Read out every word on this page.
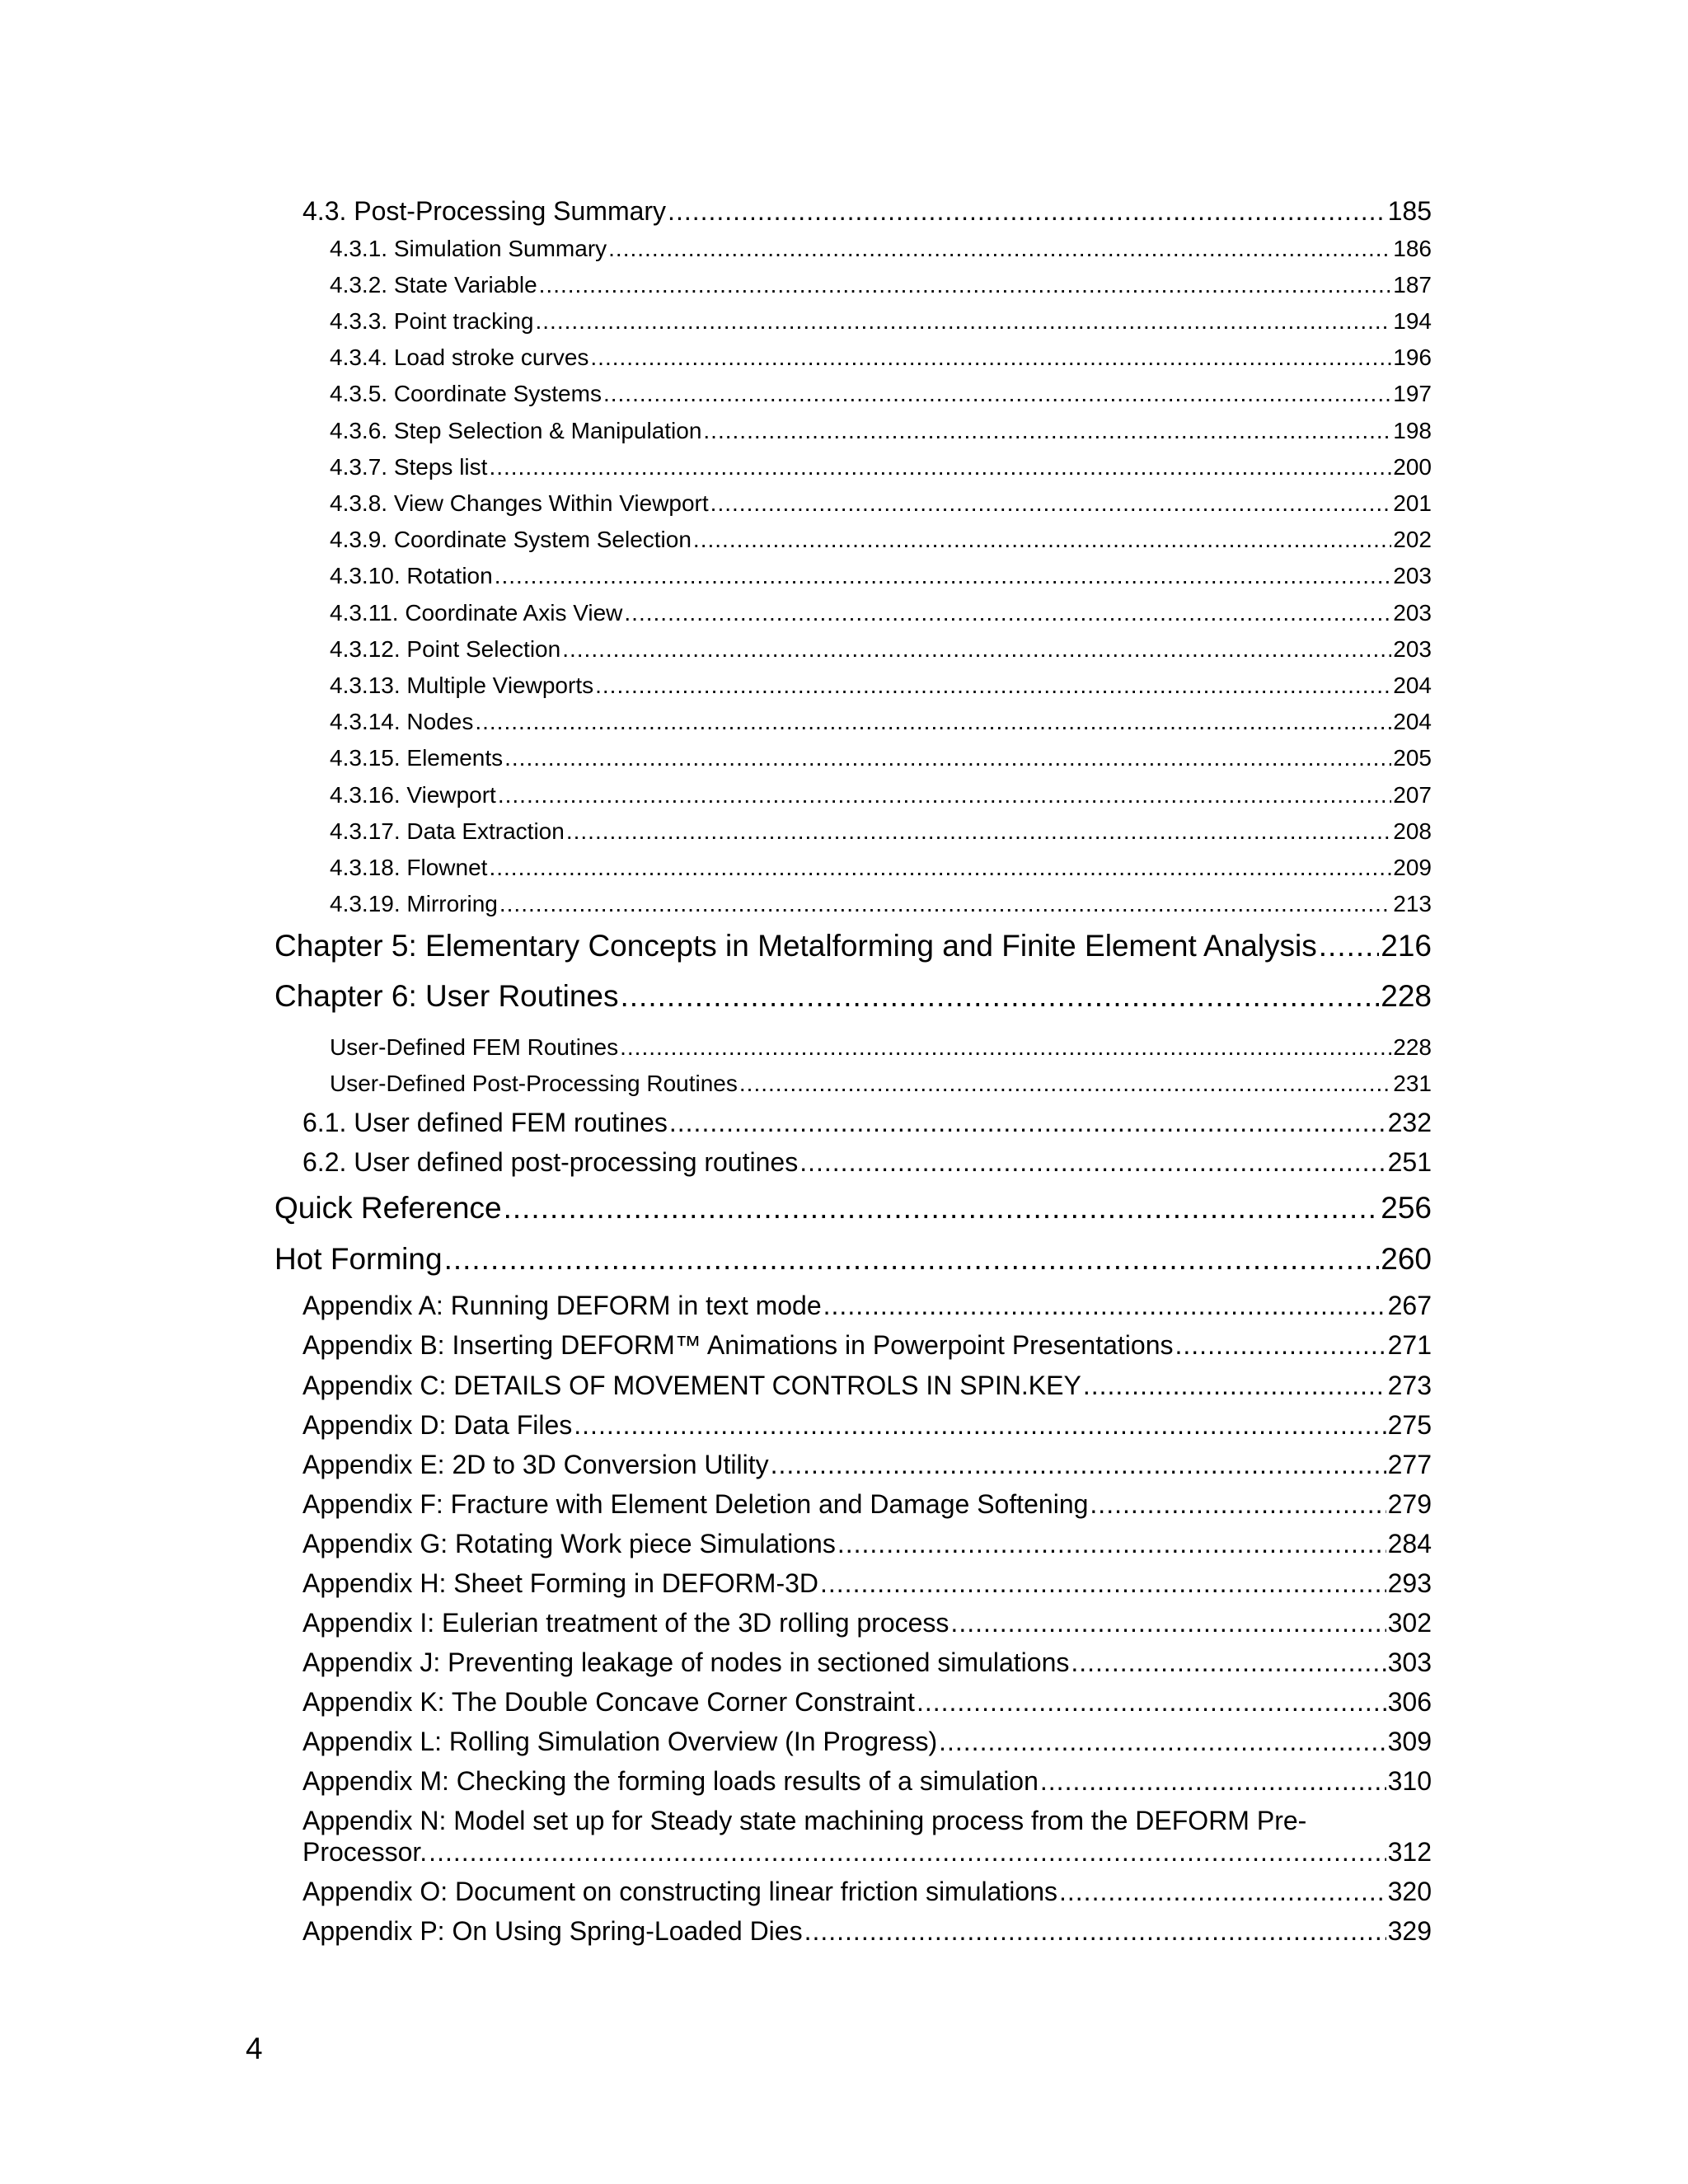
4.3. Post-Processing Summary .....	185
4.3.1. Simulation Summary .....	186
4.3.2. State Variable .....	187
4.3.3. Point tracking .....	194
4.3.4. Load stroke curves .....	196
4.3.5. Coordinate Systems .....	197
4.3.6. Step Selection & Manipulation .....	198
4.3.7. Steps list .....	200
4.3.8. View Changes Within Viewport .....	201
4.3.9. Coordinate System Selection .....	202
4.3.10. Rotation .....	203
4.3.11. Coordinate Axis View .....	203
4.3.12. Point Selection .....	203
4.3.13. Multiple Viewports .....	204
4.3.14. Nodes .....	204
4.3.15. Elements .....	205
4.3.16. Viewport .....	207
4.3.17. Data Extraction .....	208
4.3.18. Flownet .....	209
4.3.19. Mirroring .....	213
Chapter 5: Elementary Concepts in Metalforming and Finite Element Analysis ..... 216
Chapter 6: User Routines .....	228
User-Defined FEM Routines .....	228
User-Defined Post-Processing Routines .....	231
6.1. User defined FEM routines .....	232
6.2. User defined post-processing routines .....	251
Quick Reference .....	256
Hot Forming .....	260
Appendix A: Running DEFORM in text mode .....	267
Appendix B: Inserting DEFORM™ Animations in Powerpoint Presentations .....	271
Appendix C: DETAILS OF MOVEMENT CONTROLS IN SPIN.KEY .....	273
Appendix D: Data Files .....	275
Appendix E: 2D to 3D Conversion Utility .....	277
Appendix F: Fracture with Element Deletion and Damage Softening .....	279
Appendix G: Rotating Work piece Simulations .....	284
Appendix H: Sheet Forming in DEFORM-3D .....	293
Appendix I: Eulerian treatment of the 3D rolling process .....	302
Appendix J: Preventing leakage of nodes in sectioned simulations .....	303
Appendix K: The Double Concave Corner Constraint .....	306
Appendix L: Rolling Simulation Overview (In Progress) .....	309
Appendix M: Checking the forming loads results of a simulation .....	310
Appendix N: Model set up for Steady state machining process from the DEFORM Pre-
Processor. .....	312
Appendix O: Document on constructing linear friction simulations .....	320
Appendix P: On Using Spring-Loaded Dies .....	329
4
